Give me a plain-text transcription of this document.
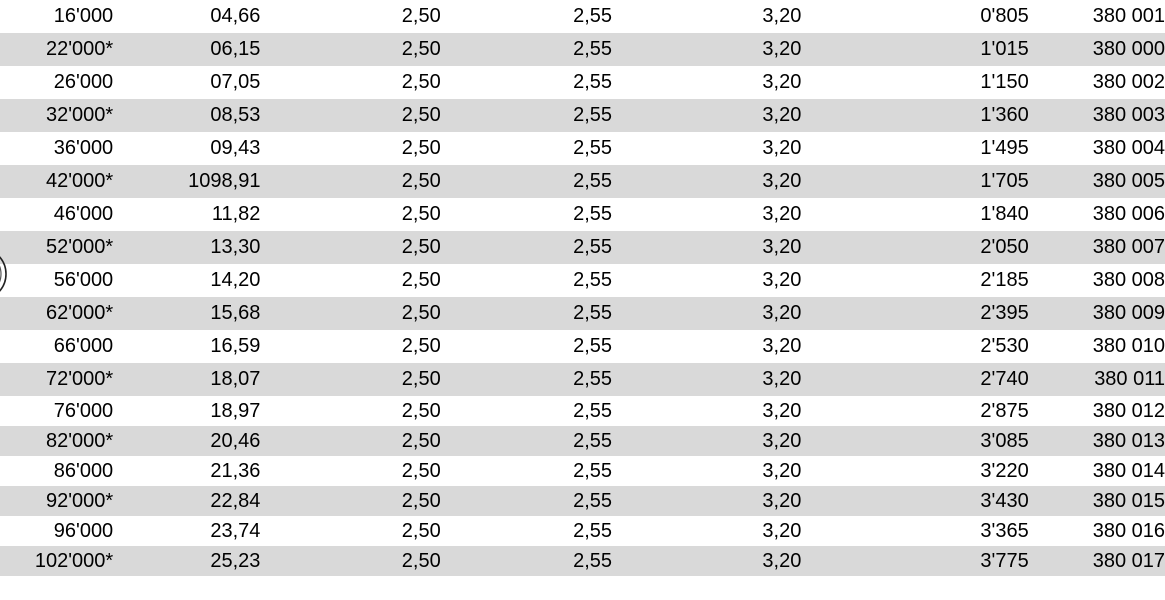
16'000	04,66	2,50	2,55	3,20	0'805	380 001
22'000*	06,15	2,50	2,55	3,20	1'015	380 000
26'000	07,05	2,50	2,55	3,20	1'150	380 002
32'000*	08,53	2,50	2,55	3,20	1'360	380 003
36'000	09,43	2,50	2,55	3,20	1'495	380 004
42'000*	1098,91	2,50	2,55	3,20	1'705	380 005
46'000	11,82	2,50	2,55	3,20	1'840	380 006
52'000*	13,30	2,50	2,55	3,20	2'050	380 007
56'000	14,20	2,50	2,55	3,20	2'185	380 008
62'000*	15,68	2,50	2,55	3,20	2'395	380 009
66'000	16,59	2,50	2,55	3,20	2'530	380 010
72'000*	18,07	2,50	2,55	3,20	2'740	380 011
76'000	18,97	2,50	2,55	3,20	2'875	380 012
82'000*	20,46	2,50	2,55	3,20	3'085	380 013
86'000	21,36	2,50	2,55	3,20	3'220	380 014
92'000*	22,84	2,50	2,55	3,20	3'430	380 015
96'000	23,74	2,50	2,55	3,20	3'365	380 016
102'000*	25,23	2,50	2,55	3,20	3'775	380 017
